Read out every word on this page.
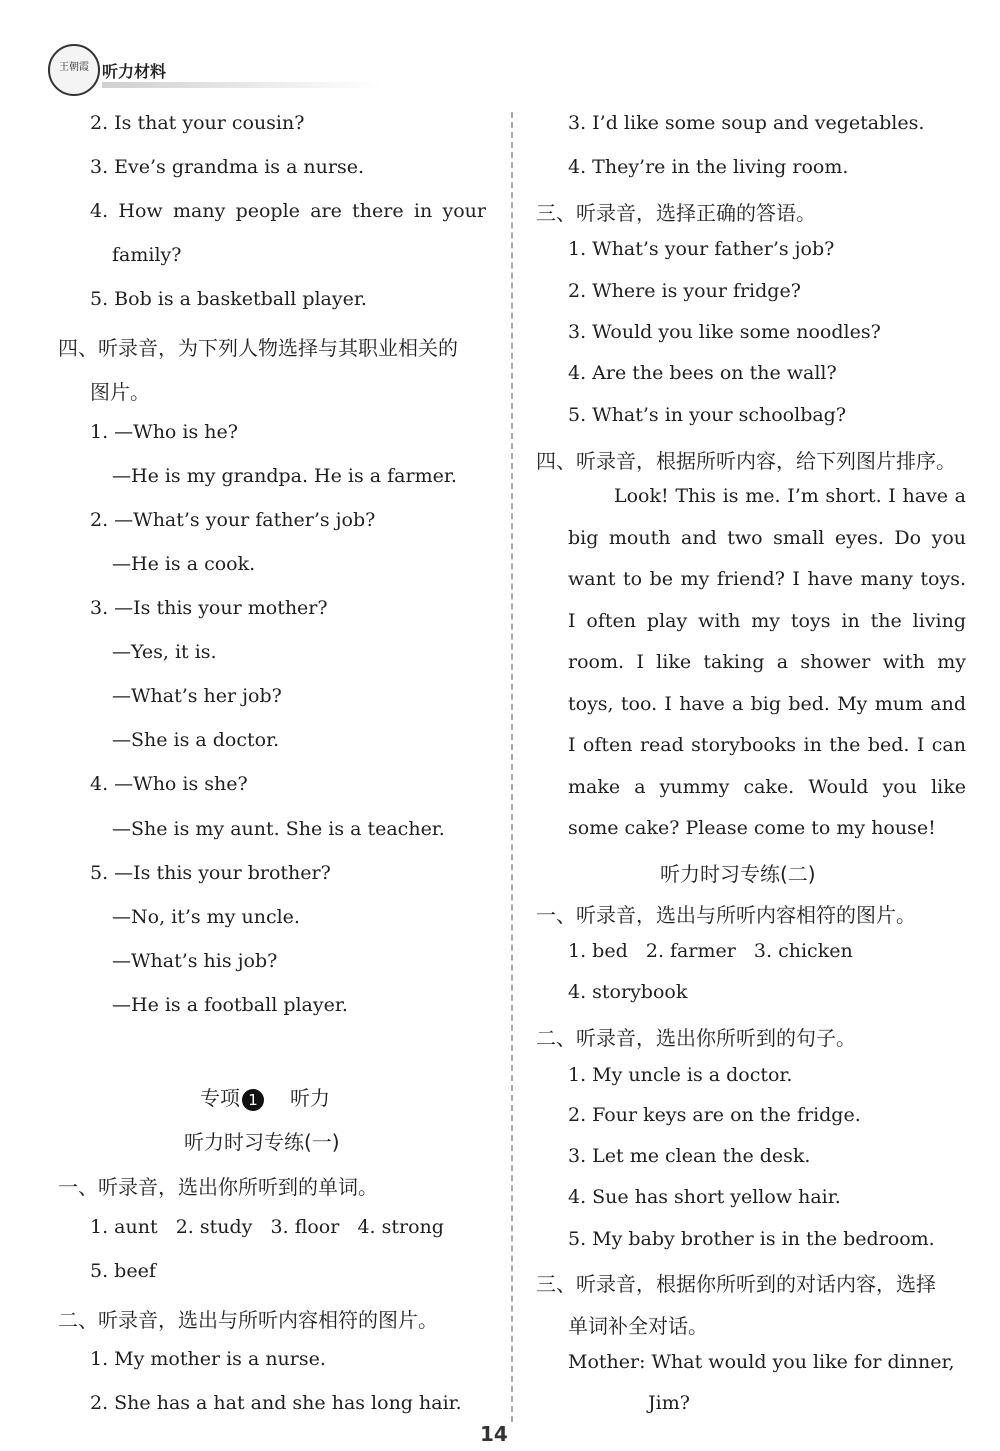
王朝霞 听力材料
2. Is that your cousin?
3. Eve’s grandma is a nurse.
4. How many people are there in your
family?
5. Bob is a basketball player.
四、听录音，为下列人物选择与其职业相关的
图片。
1. —Who is he?
—He is my grandpa. He is a farmer.
2. —What’s your father’s job?
—He is a cook.
3. —Is this your mother?
—Yes, it is.
—What’s her job?
—She is a doctor.
4. —Who is she?
—She is my aunt. She is a teacher.
5. —Is this your brother?
—No, it’s my uncle.
—What’s his job?
—He is a football player.
专项 1 听力
听力时习专练(一)
一、听录音，选出你所听到的单词。
1. aunt   2. study   3. floor   4. strong
5. beef
二、听录音，选出与所听内容相符的图片。
1. My mother is a nurse.
2. She has a hat and she has long hair.
3. I’d like some soup and vegetables.
4. They’re in the living room.
三、听录音，选择正确的答语。
1. What’s your father’s job?
2. Where is your fridge?
3. Would you like some noodles?
4. Are the bees on the wall?
5. What’s in your schoolbag?
四、听录音，根据所听内容，给下列图片排序。
Look! This is me. I’m short. I have a big mouth and two small eyes. Do you want to be my friend? I have many toys. I often play with my toys in the living room. I like taking a shower with my toys, too. I have a big bed. My mum and I often read storybooks in the bed. I can make a yummy cake. Would you like some cake? Please come to my house!
听力时习专练(二)
一、听录音，选出与所听内容相符的图片。
1. bed   2. farmer   3. chicken
4. storybook
二、听录音，选出你所听到的句子。
1. My uncle is a doctor.
2. Four keys are on the fridge.
3. Let me clean the desk.
4. Sue has short yellow hair.
5. My baby brother is in the bedroom.
三、听录音，根据你所听到的对话内容，选择
单词补全对话。
Mother: What would you like for dinner,
Jim?
14
